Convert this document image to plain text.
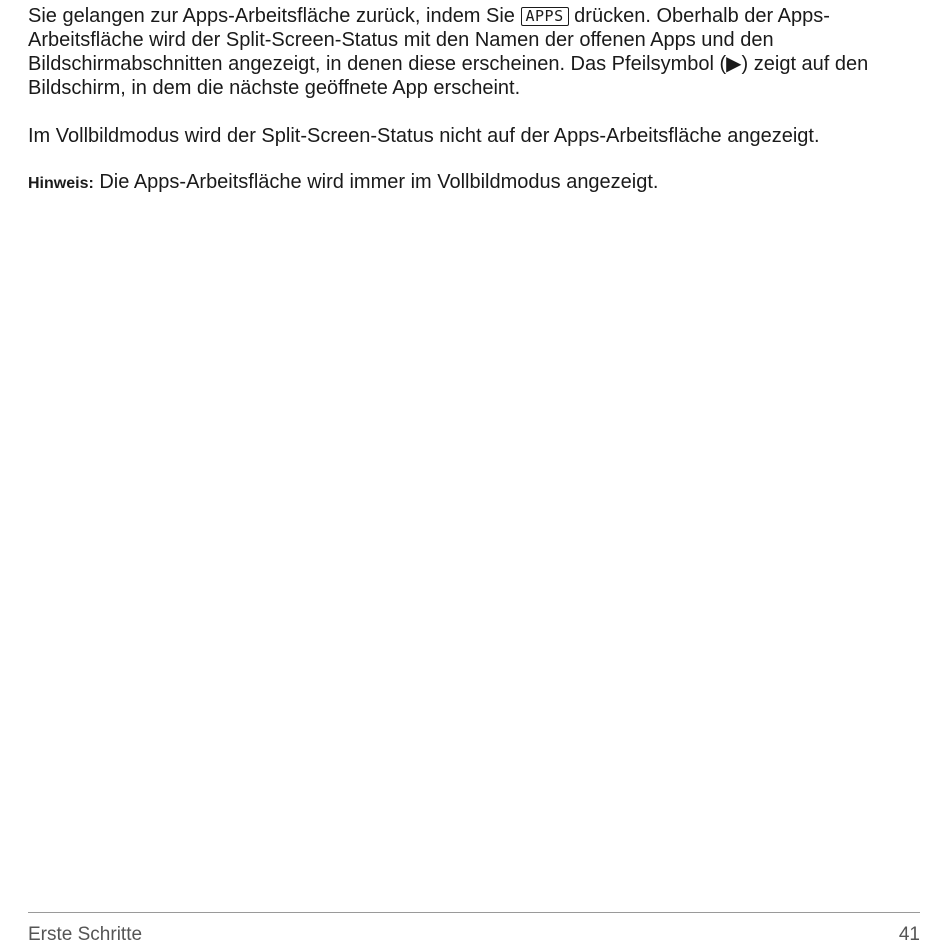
Sie gelangen zur Apps-Arbeitsfläche zurück, indem Sie APPS drücken. Oberhalb der Apps-Arbeitsfläche wird der Split-Screen-Status mit den Namen der offenen Apps und den Bildschirmabschnitten angezeigt, in denen diese erscheinen. Das Pfeilsymbol (▶) zeigt auf den Bildschirm, in dem die nächste geöffnete App erscheint.

Im Vollbildmodus wird der Split-Screen-Status nicht auf der Apps-Arbeitsfläche angezeigt.

Hinweis: Die Apps-Arbeitsfläche wird immer im Vollbildmodus angezeigt.

Erste Schritte	41
